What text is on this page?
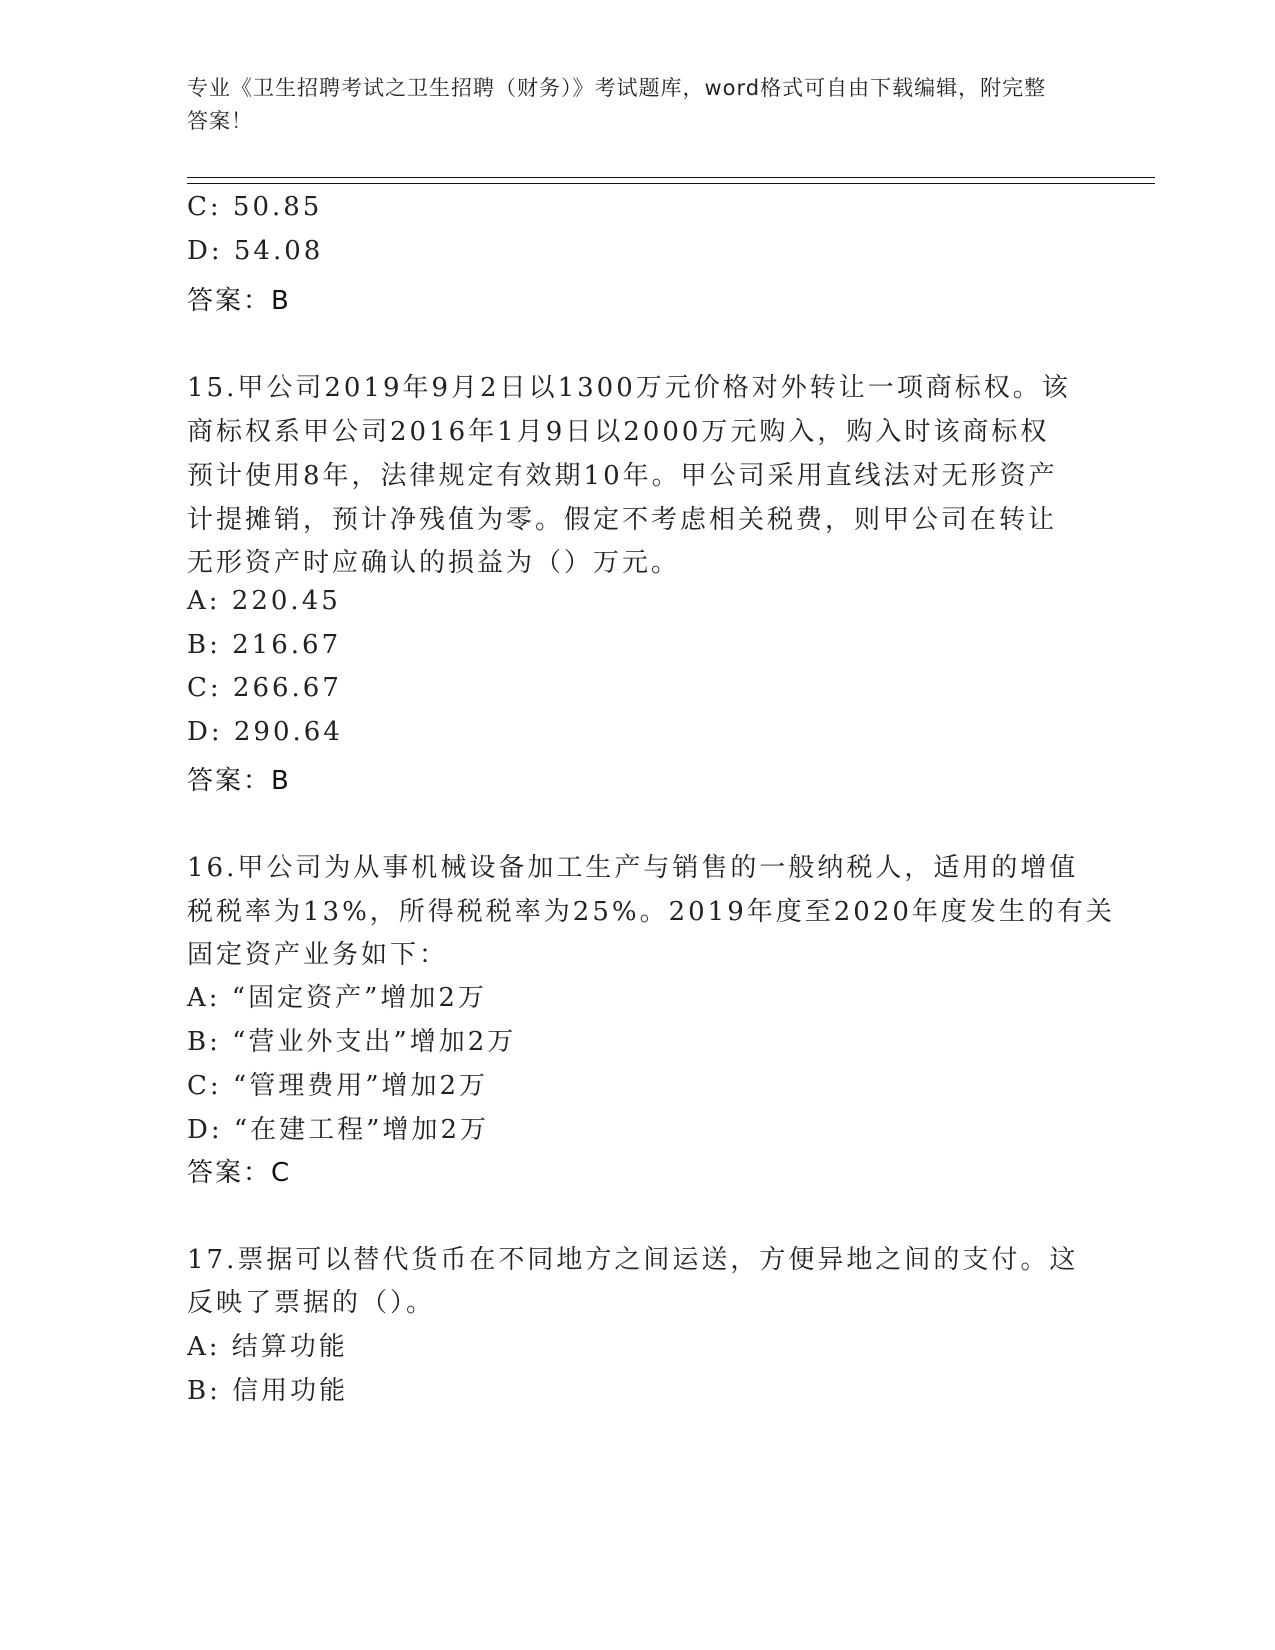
专业《卫生招聘考试之卫生招聘（财务）》考试题库，word格式可自由下载编辑，附完整答案！
C: 50.85
D: 54.08
答案：B
15.甲公司2019年9月2日以1300万元价格对外转让一项商标权。该
商标权系甲公司2016年1月9日以2000万元购入，购入时该商标权
预计使用8年，法律规定有效期10年。甲公司采用直线法对无形资产
计提摊销，预计净残值为零。假定不考虑相关税费，则甲公司在转让
无形资产时应确认的损益为（）万元。
A: 220.45
B: 216.67
C: 266.67
D: 290.64
答案：B
16.甲公司为从事机械设备加工生产与销售的一般纳税人，适用的增值
税税率为13%，所得税税率为25%。2019年度至2020年度发生的有关
固定资产业务如下：
A: “固定资产”增加2万
B: “营业外支出”增加2万
C: “管理费用”增加2万
D: “在建工程”增加2万
答案：C
17.票据可以替代货币在不同地方之间运送，方便异地之间的支付。这
反映了票据的（）。
A: 结算功能
B: 信用功能
